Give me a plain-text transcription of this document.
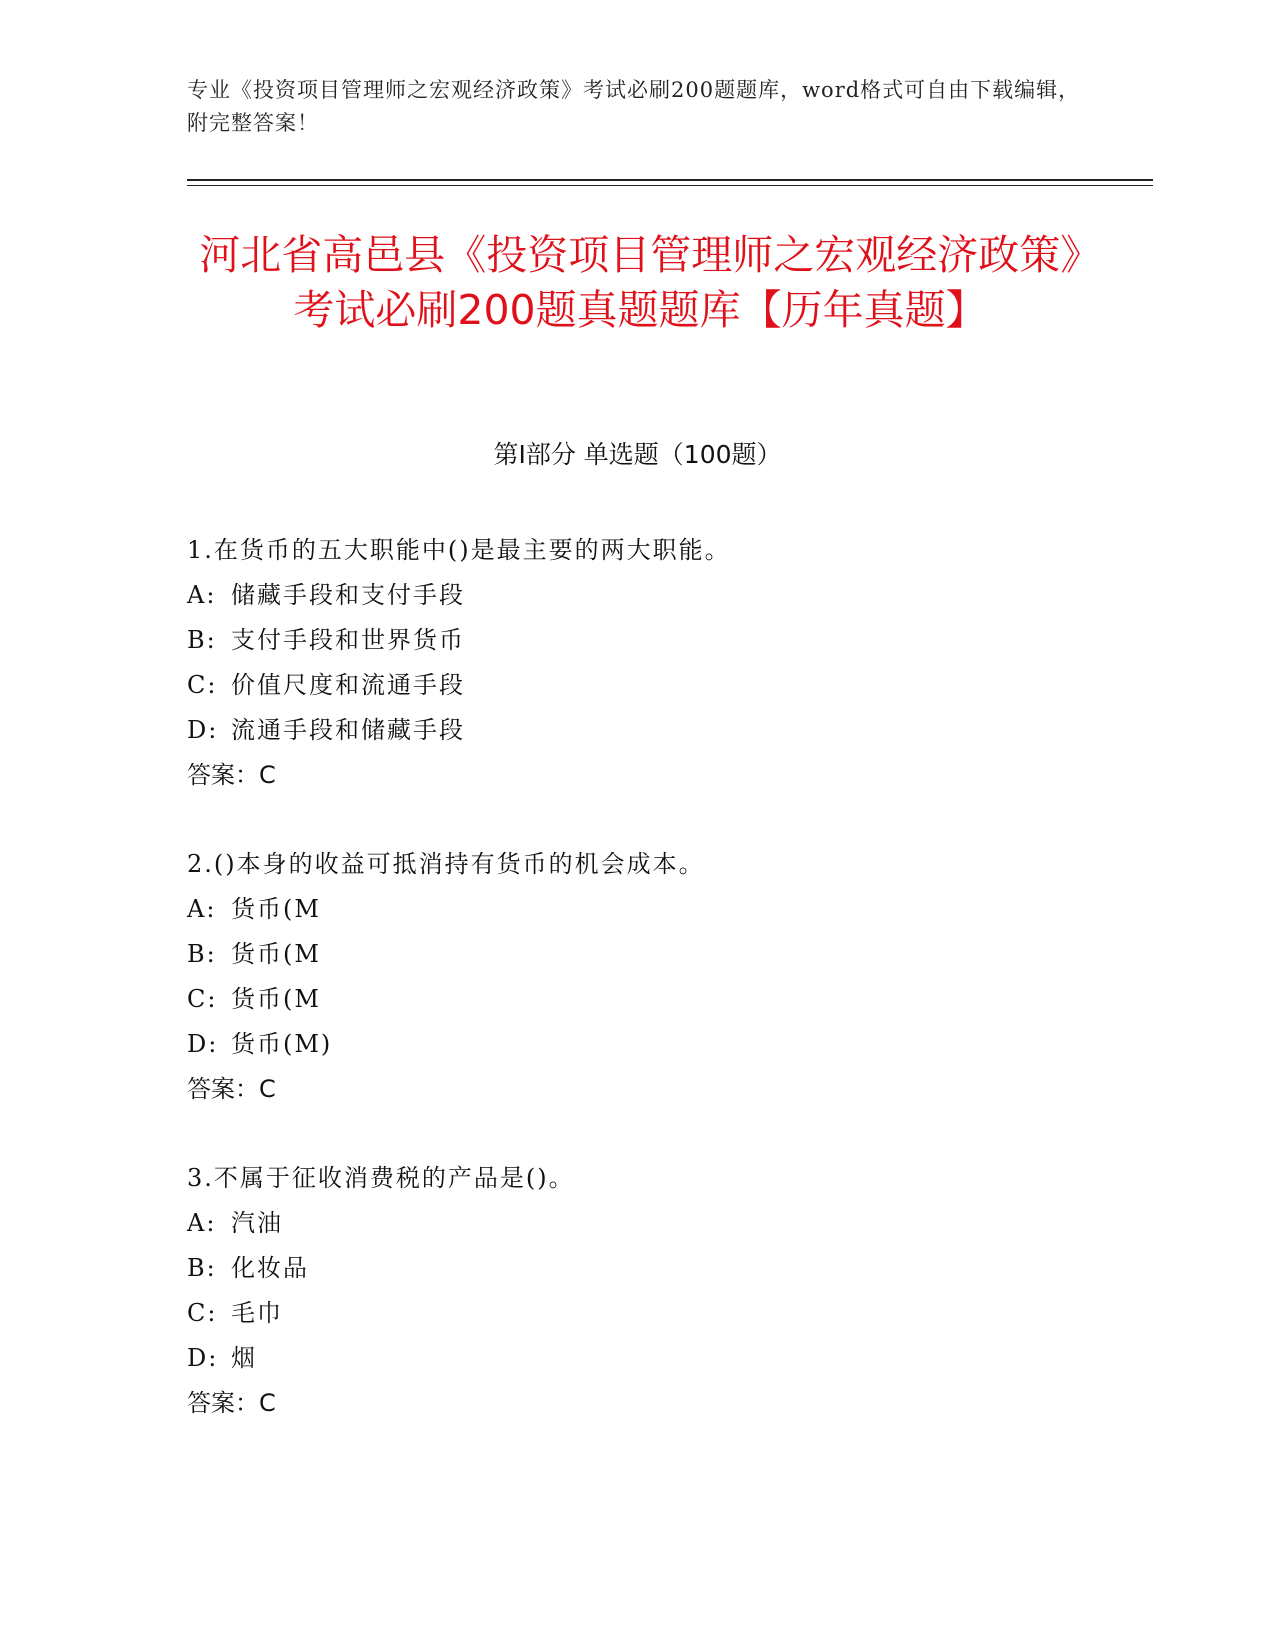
专业《投资项目管理师之宏观经济政策》考试必刷200题题库，word格式可自由下载编辑，附完整答案！
河北省高邑县《投资项目管理师之宏观经济政策》考试必刷200题真题题库【历年真题】
第Ⅰ部分 单选题（100题）
1.在货币的五大职能中()是最主要的两大职能。
A: 储藏手段和支付手段
B: 支付手段和世界货币
C: 价值尺度和流通手段
D: 流通手段和储藏手段
答案：C
2.()本身的收益可抵消持有货币的机会成本。
A: 货币(M
B: 货币(M
C: 货币(M
D: 货币(M)
答案：C
3.不属于征收消费税的产品是()。
A: 汽油
B: 化妆品
C: 毛巾
D: 烟
答案：C
